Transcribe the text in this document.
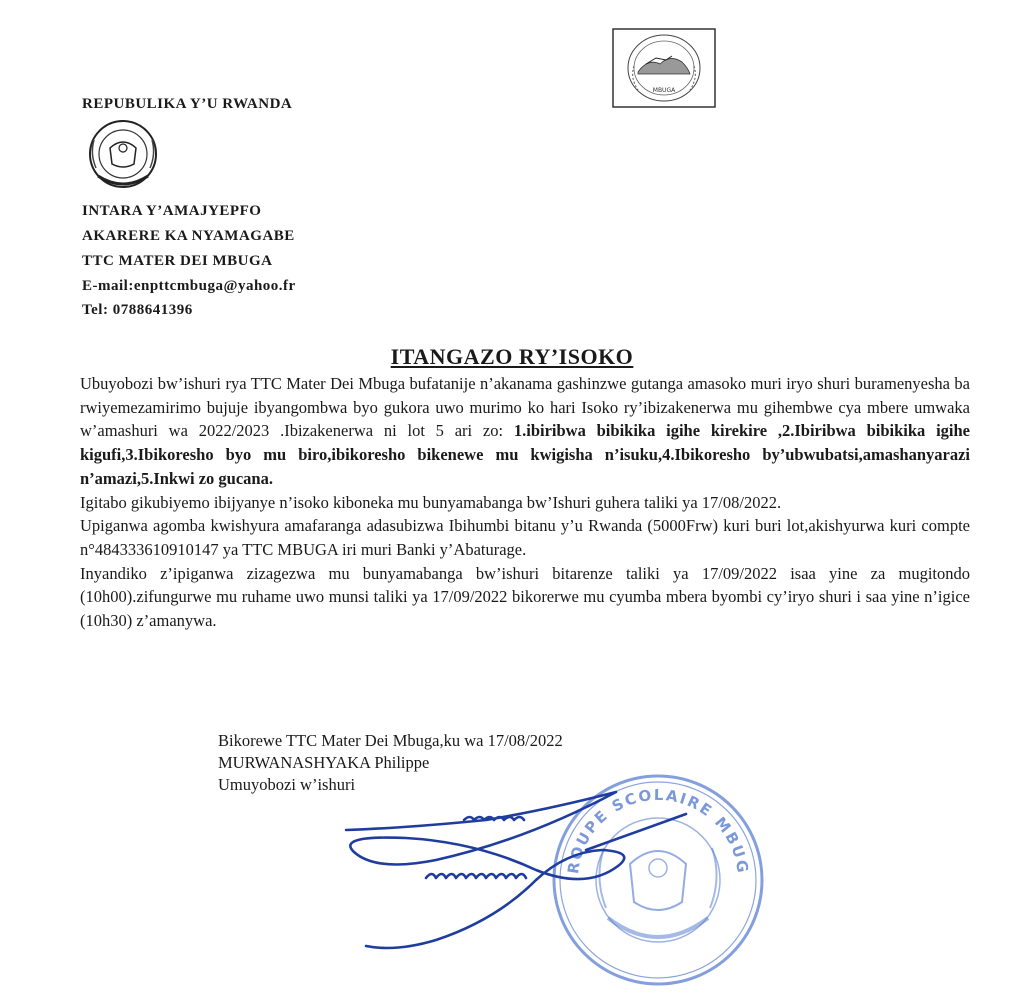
MBUGA
REPUBULIKA Y’U RWANDA
INTARA Y’AMAJYEPFO
AKARERE KA NYAMAGABE
TTC MATER DEI MBUGA
E-mail:enpttcmbuga@yahoo.fr
Tel: 0788641396
ITANGAZO RY’ISOKO

Ubuyobozi bw’ishuri rya TTC Mater Dei Mbuga bufatanije n’akanama gashinzwe gutanga amasoko muri iryo shuri buramenyesha ba rwiyemezamirimo bujuje ibyangombwa byo gukora uwo murimo ko hari Isoko ry’ibizakenerwa mu gihembwe cya mbere umwaka w’amashuri wa 2022/2023 .Ibizakenerwa ni lot 5 ari zo: 1.ibiribwa bibikika igihe kirekire ,2.Ibiribwa bibikika igihe kigufi,3.Ibikoresho byo mu biro,ibikoresho bikenewe mu kwigisha n’isuku,4.Ibikoresho by’ubwubatsi,amashanyarazi n’amazi,5.Inkwi zo gucana.

Igitabo gikubiyemo ibijyanye n’isoko kiboneka mu bunyamabanga bw’Ishuri guhera taliki ya 17/08/2022.

Upiganwa agomba kwishyura amafaranga adasubizwa Ibihumbi bitanu y’u Rwanda (5000Frw) kuri buri lot,akishyurwa kuri compte n°484333610910147 ya TTC MBUGA iri muri Banki y’Abaturage.

Inyandiko z’ipiganwa zizagezwa mu bunyamabanga bw’ishuri bitarenze taliki ya 17/09/2022 isaa yine za mugitondo (10h00).zifungurwe mu ruhame uwo munsi taliki ya 17/09/2022 bikorerwe mu cyumba mbera byombi cy’iryo shuri i saa yine n’igice (10h30) z’amanywa.

Bikorewe TTC Mater Dei Mbuga,ku wa 17/08/2022
MURWANASHYAKA Philippe
Umuyobozi w’ishuri
ROUPE SCOLAIRE MBUG
